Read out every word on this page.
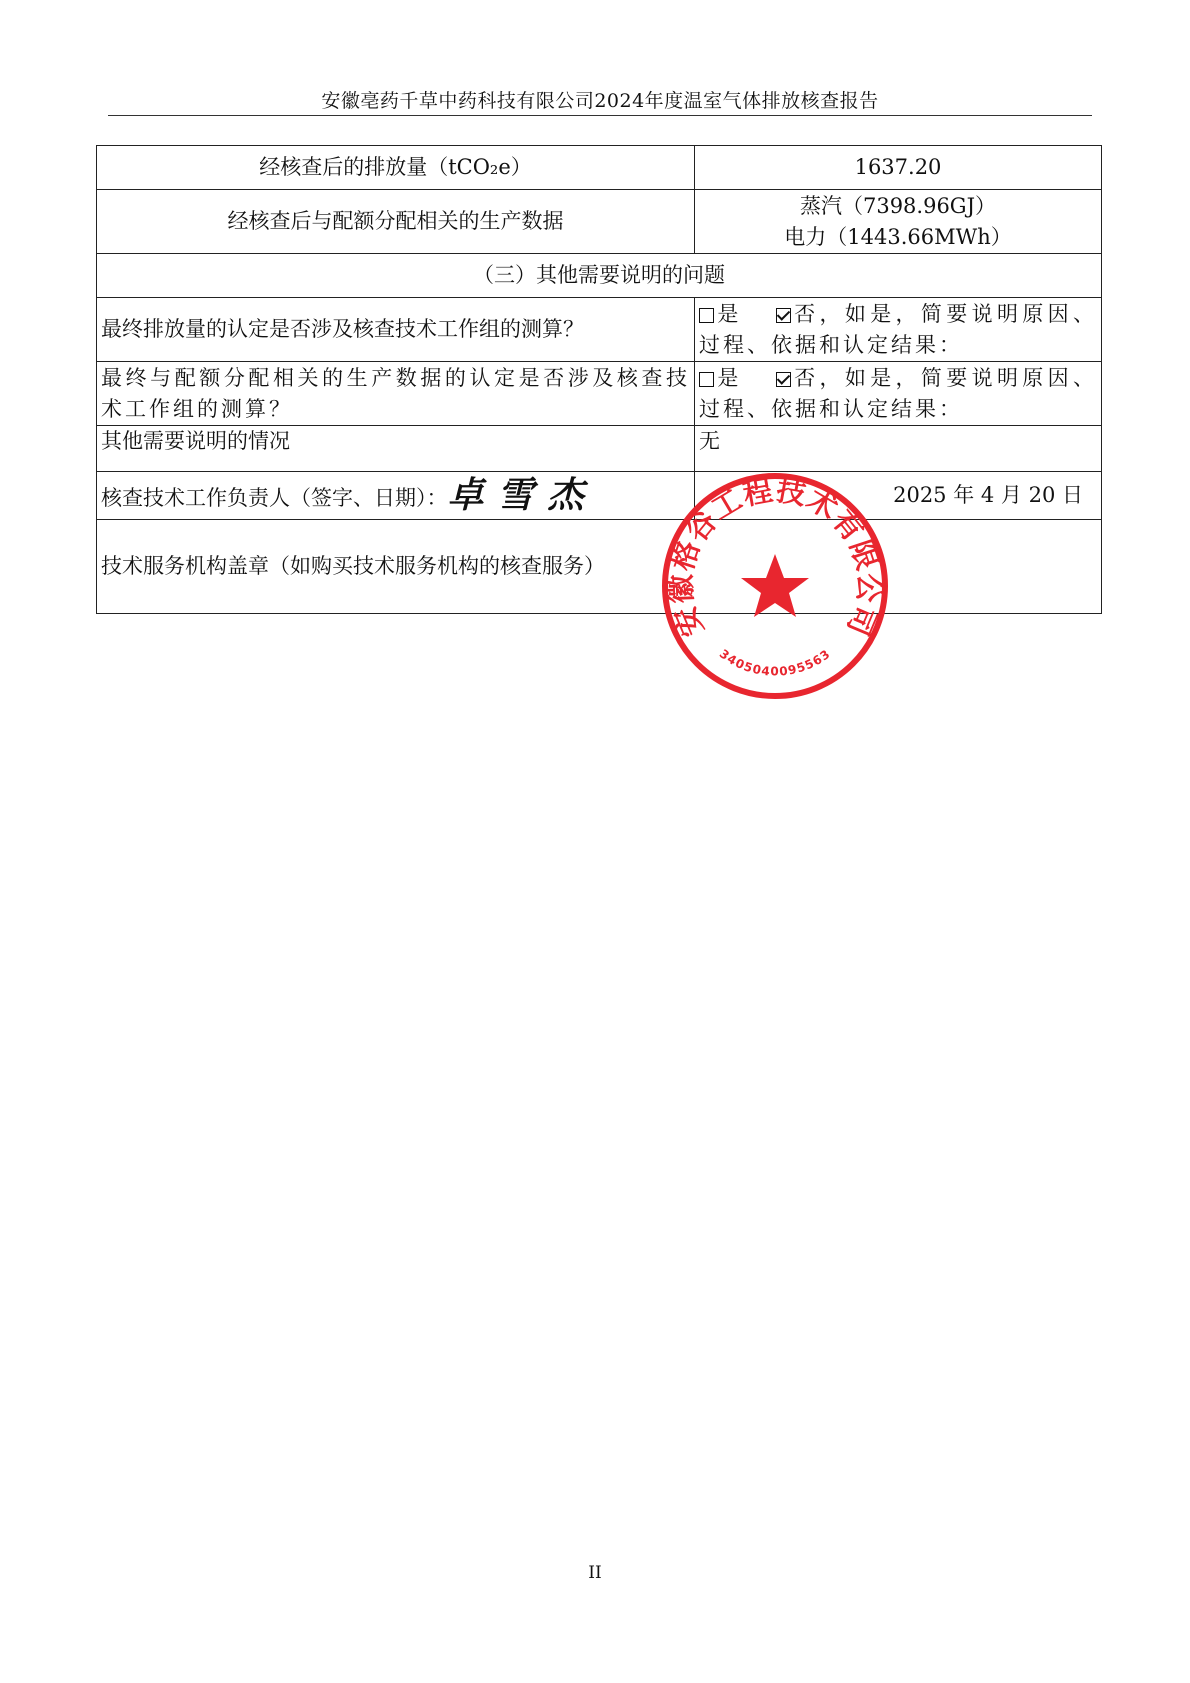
安徽亳药千草中药科技有限公司2024年度温室气体排放核查报告
经核查后的排放量（tCO₂e）	1637.20
经核查后与配额分配相关的生产数据	蒸汽（7398.96GJ）
电力（1443.66MWh）

（三）其他需要说明的问题	
最终排放量的认定是否涉及核查技术工作组的测算？	是 否，如是，简要说明原因、过程、依据和认定结果：
最终与配额分配相关的生产数据的认定是否涉及核查技术工作组的测算？	是 否，如是，简要说明原因、过程、依据和认定结果：
其他需要说明的情况	无
核查技术工作负责人（签字、日期）：卓雪杰	2025 年 4 月 20 日
技术服务机构盖章（如购买技术服务机构的核查服务）	
安徽格谷工程技术有限公司
3405040095563
II
